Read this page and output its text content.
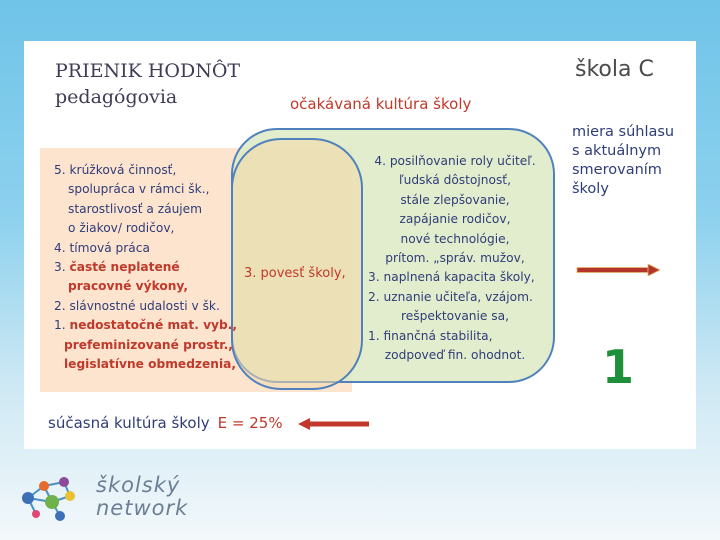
PRIENIK HODNÔT
pedagógovia
škola C
očakávaná kultúra školy
5. krúžková činnosť,
spolupráca v rámci šk.,
starostlivosť a záujem
o žiakov/ rodičov,
4. tímová práca
3. časté neplatené
pracovné výkony,
2. slávnostné udalosti v šk.
1. nedostatočné mat. vyb.,
prefeminizované prostr.,
legislatívne obmedzenia,
3. povesť školy,
4. posilňovanie roly učiteľ.
ľudská dôstojnosť,
stále zlepšovanie,
zapájanie rodičov,
nové technológie,
prítom. „správ. mužov,
3. naplnená kapacita školy,
2. uznanie učiteľa, vzájom.
rešpektovanie sa,
1. finančná stabilita,
zodpoveď fin. ohodnot.
miera súhlasu
s aktuálnym
smerovaním
školy
1
súčasná kultúra školy E = 25%
školský
network
